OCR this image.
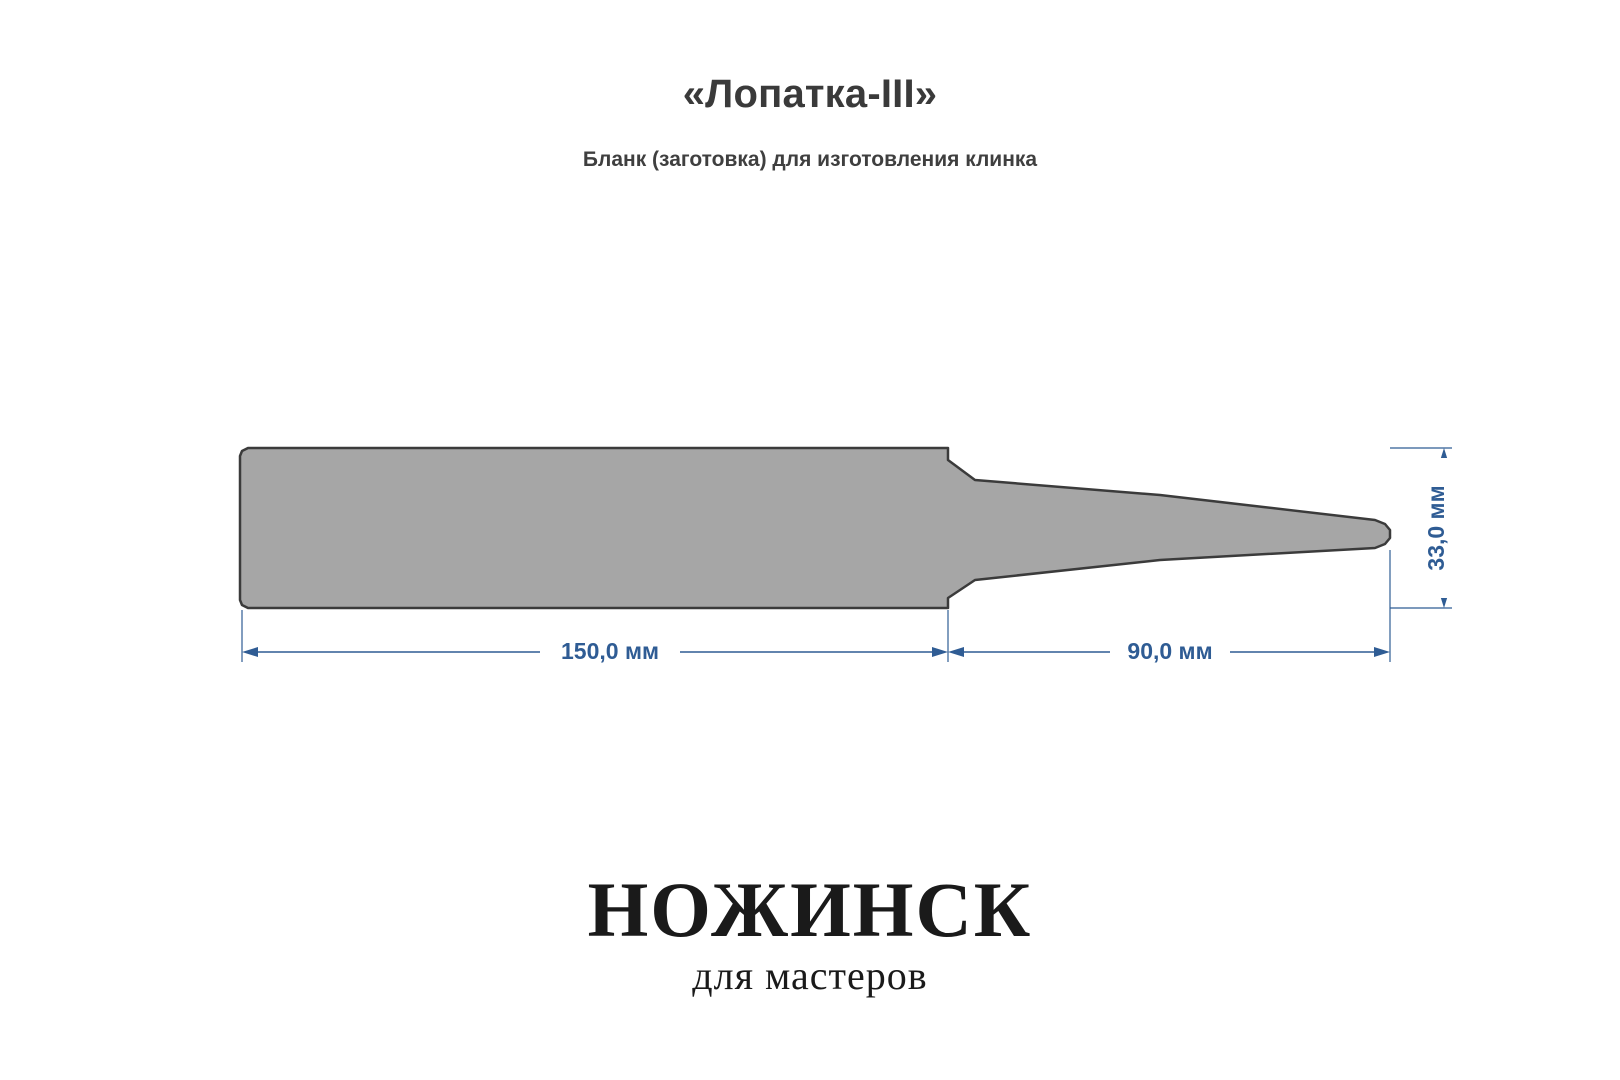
«Лопатка-III»
Бланк (заготовка) для изготовления клинка
150,0 мм	90,0 мм
33,0 мм
НОЖИНСК
для мастеров
